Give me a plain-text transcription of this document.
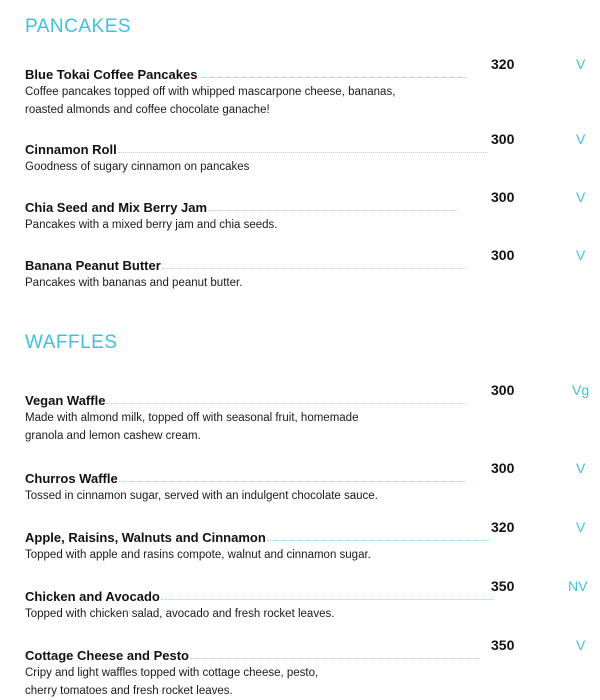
PANCAKES
Blue Tokai Coffee Pancakes
320	V
Coffee pancakes topped off with whipped mascarpone cheese, bananas,
roasted almonds and coffee chocolate ganache!
Cinnamon Roll
300	V
Goodness of sugary cinnamon on pancakes
Chia Seed and Mix Berry Jam
300	V
Pancakes with a mixed berry jam and chia seeds.
Banana Peanut Butter
300	V
Pancakes with bananas and peanut butter.
WAFFLES
Vegan Waffle
300	Vg
Made with almond milk, topped off with seasonal fruit, homemade
granola and lemon cashew cream.
Churros Waffle
300	V
Tossed in cinnamon sugar, served with an indulgent chocolate sauce.
Apple, Raisins, Walnuts and Cinnamon
320	V
Topped with apple and rasins compote, walnut and cinnamon sugar.
Chicken and Avocado
350	NV
Topped with chicken salad, avocado and fresh rocket leaves.
Cottage Cheese and Pesto
350	V
Cripy and light waffles topped with cottage cheese, pesto,
cherry tomatoes and fresh rocket leaves.
